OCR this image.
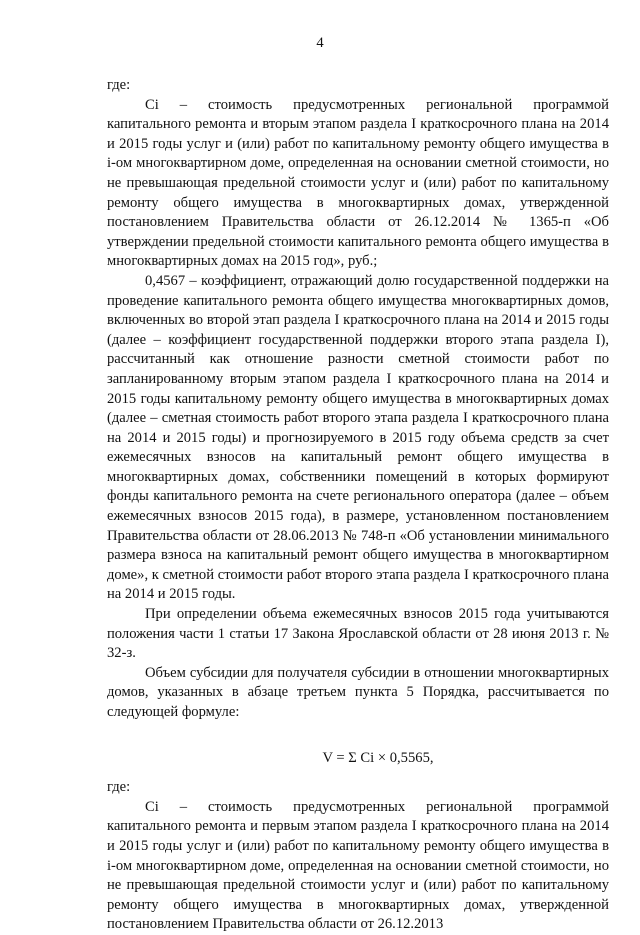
4

где:

Ci – стоимость предусмотренных региональной программой капитального ремонта и вторым этапом раздела I краткосрочного плана на 2014 и 2015 годы услуг и (или) работ по капитальному ремонту общего имущества в i-ом многоквартирном доме, определенная на основании сметной стоимости, но не превышающая предельной стоимости услуг и (или) работ по капитальному ремонту общего имущества в многоквартирных домах, утвержденной постановлением Правительства области от 26.12.2014 № 1365-п «Об утверждении предельной стоимости капитального ремонта общего имущества в многоквартирных домах на 2015 год», руб.;

0,4567 – коэффициент, отражающий долю государственной поддержки на проведение капитального ремонта общего имущества многоквартирных домов, включенных во второй этап раздела I краткосрочного плана на 2014 и 2015 годы (далее – коэффициент государственной поддержки второго этапа раздела I), рассчитанный как отношение разности сметной стоимости работ по запланированному вторым этапом раздела I краткосрочного плана на 2014 и 2015 годы капитальному ремонту общего имущества в многоквартирных домах (далее – сметная стоимость работ второго этапа раздела I краткосрочного плана на 2014 и 2015 годы) и прогнозируемого в 2015 году объема средств за счет ежемесячных взносов на капитальный ремонт общего имущества в многоквартирных домах, собственники помещений в которых формируют фонды капитального ремонта на счете регионального оператора (далее – объем ежемесячных взносов 2015 года), в размере, установленном постановлением Правительства области от 28.06.2013 № 748-п «Об установлении минимального размера взноса на капитальный ремонт общего имущества в многоквартирном доме», к сметной стоимости работ второго этапа раздела I краткосрочного плана на 2014 и 2015 годы.

При определении объема ежемесячных взносов 2015 года учитываются положения части 1 статьи 17 Закона Ярославской области от 28 июня 2013 г. № 32-з.

Объем субсидии для получателя субсидии в отношении многоквартирных домов, указанных в абзаце третьем пункта 5 Порядка, рассчитывается по следующей формуле:

V = Σ Ci × 0,5565,

где:

Ci – стоимость предусмотренных региональной программой капитального ремонта и первым этапом раздела I краткосрочного плана на 2014 и 2015 годы услуг и (или) работ по капитальному ремонту общего имущества в i-ом многоквартирном доме, определенная на основании сметной стоимости, но не превышающая предельной стоимости услуг и (или) работ по капитальному ремонту общего имущества в многоквартирных домах, утвержденной постановлением Правительства области от 26.12.2013
